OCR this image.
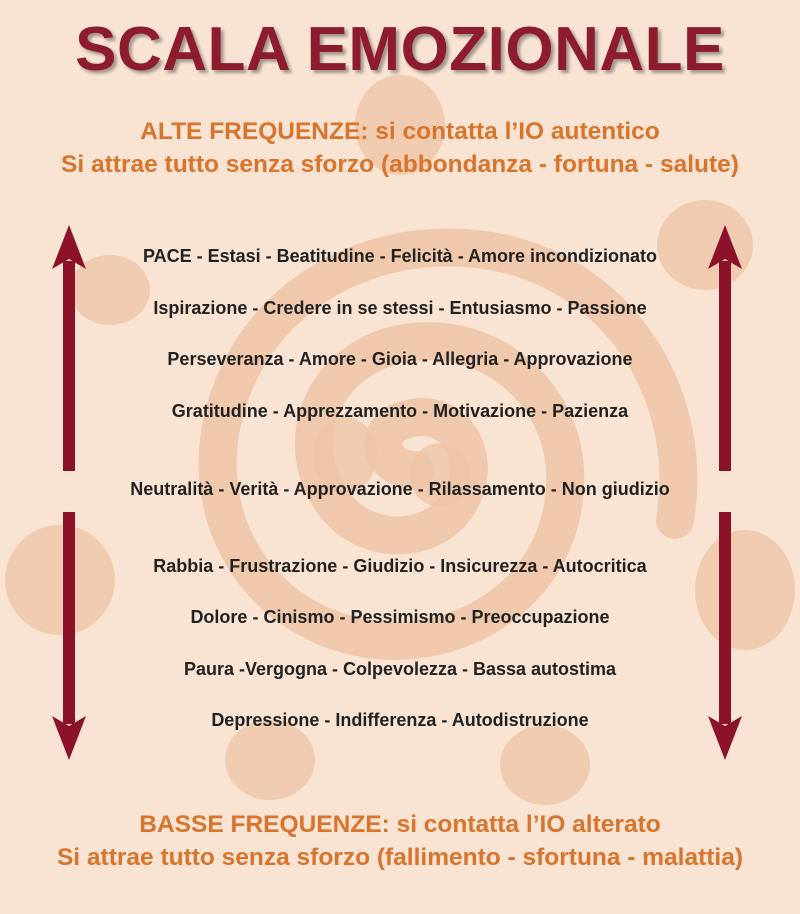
SCALA EMOZIONALE
ALTE FREQUENZE: si contatta l’IO autentico
Si attrae tutto senza sforzo (abbondanza - fortuna - salute)
PACE - Estasi - Beatitudine - Felicità - Amore incondizionato
Ispirazione - Credere in se stessi - Entusiasmo - Passione
Perseveranza - Amore - Gioia - Allegria - Approvazione
Gratitudine - Apprezzamento - Motivazione - Pazienza
Neutralità - Verità - Approvazione - Rilassamento - Non giudizio
Rabbia - Frustrazione - Giudizio - Insicurezza - Autocritica
Dolore - Cinismo - Pessimismo - Preoccupazione
Paura -Vergogna - Colpevolezza - Bassa autostima
Depressione - Indifferenza - Autodistruzione
BASSE FREQUENZE: si contatta l’IO alterato
Si attrae tutto senza sforzo (fallimento - sfortuna - malattia)
